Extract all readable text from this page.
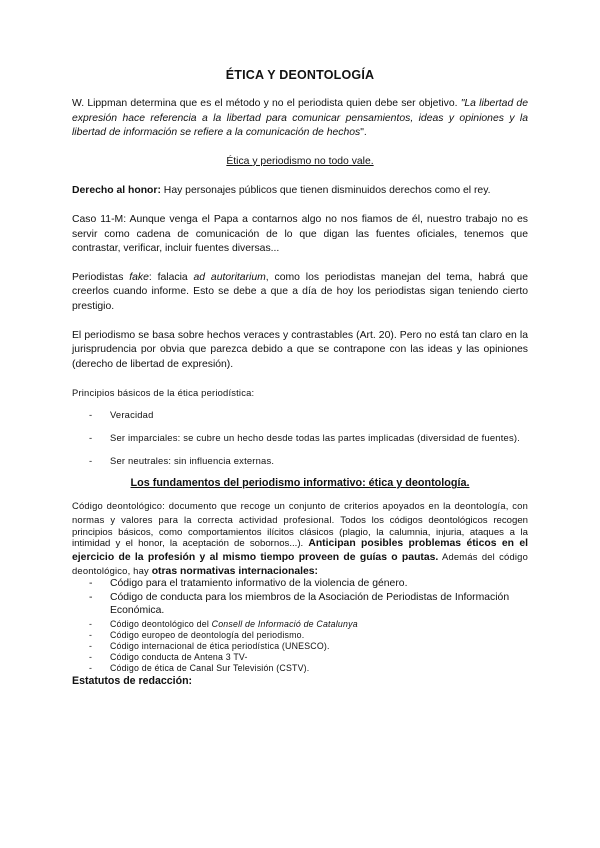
ÉTICA Y DEONTOLOGÍA

W. Lippman determina que es el método y no el periodista quien debe ser objetivo. "La libertad de expresión hace referencia a la libertad para comunicar pensamientos, ideas y opiniones y la libertad de información se refiere a la comunicación de hechos".

Ética y periodismo no todo vale.

Derecho al honor: Hay personajes públicos que tienen disminuidos derechos como el rey.

Caso 11-M: Aunque venga el Papa a contarnos algo no nos fiamos de él, nuestro trabajo no es servir como cadena de comunicación de lo que digan las fuentes oficiales, tenemos que contrastar, verificar, incluir fuentes diversas...

Periodistas fake: falacia ad autoritarium, como los periodistas manejan del tema, habrá que creerlos cuando informe. Esto se debe a que a día de hoy los periodistas sigan teniendo cierto prestigio.

El periodismo se basa sobre hechos veraces y contrastables (Art. 20). Pero no está tan claro en la jurisprudencia por obvia que parezca debido a que se contrapone con las ideas y las opiniones (derecho de libertad de expresión).

Principios básicos de la ética periodística:

- Veracidad
- Ser imparciales: se cubre un hecho desde todas las partes implicadas (diversidad de fuentes).
- Ser neutrales: sin influencia externas.
Los fundamentos del periodismo informativo: ética y deontología.

Código deontológico: documento que recoge un conjunto de criterios apoyados en la deontología, con normas y valores para la correcta actividad profesional. Todos los códigos deontológicos recogen principios básicos, como comportamientos ilícitos clásicos (plagio, la calumnia, injuria, ataques a la intimidad y el honor, la aceptación de sobornos...). Anticipan posibles problemas éticos en el ejercicio de la profesión y al mismo tiempo proveen de guías o pautas. Además del código deontológico, hay otras normativas internacionales:

- Código para el tratamiento informativo de la violencia de género.
- Código de conducta para los miembros de la Asociación de Periodistas de Información Económica.
- Código deontológico del Consell de Informació de Catalunya
- Código europeo de deontología del periodismo.
- Código internacional de ética periodística (UNESCO).
- Código conducta de Antena 3 TV-
- Código de ética de Canal Sur Televisión (CSTV).

Estatutos de redacción:
